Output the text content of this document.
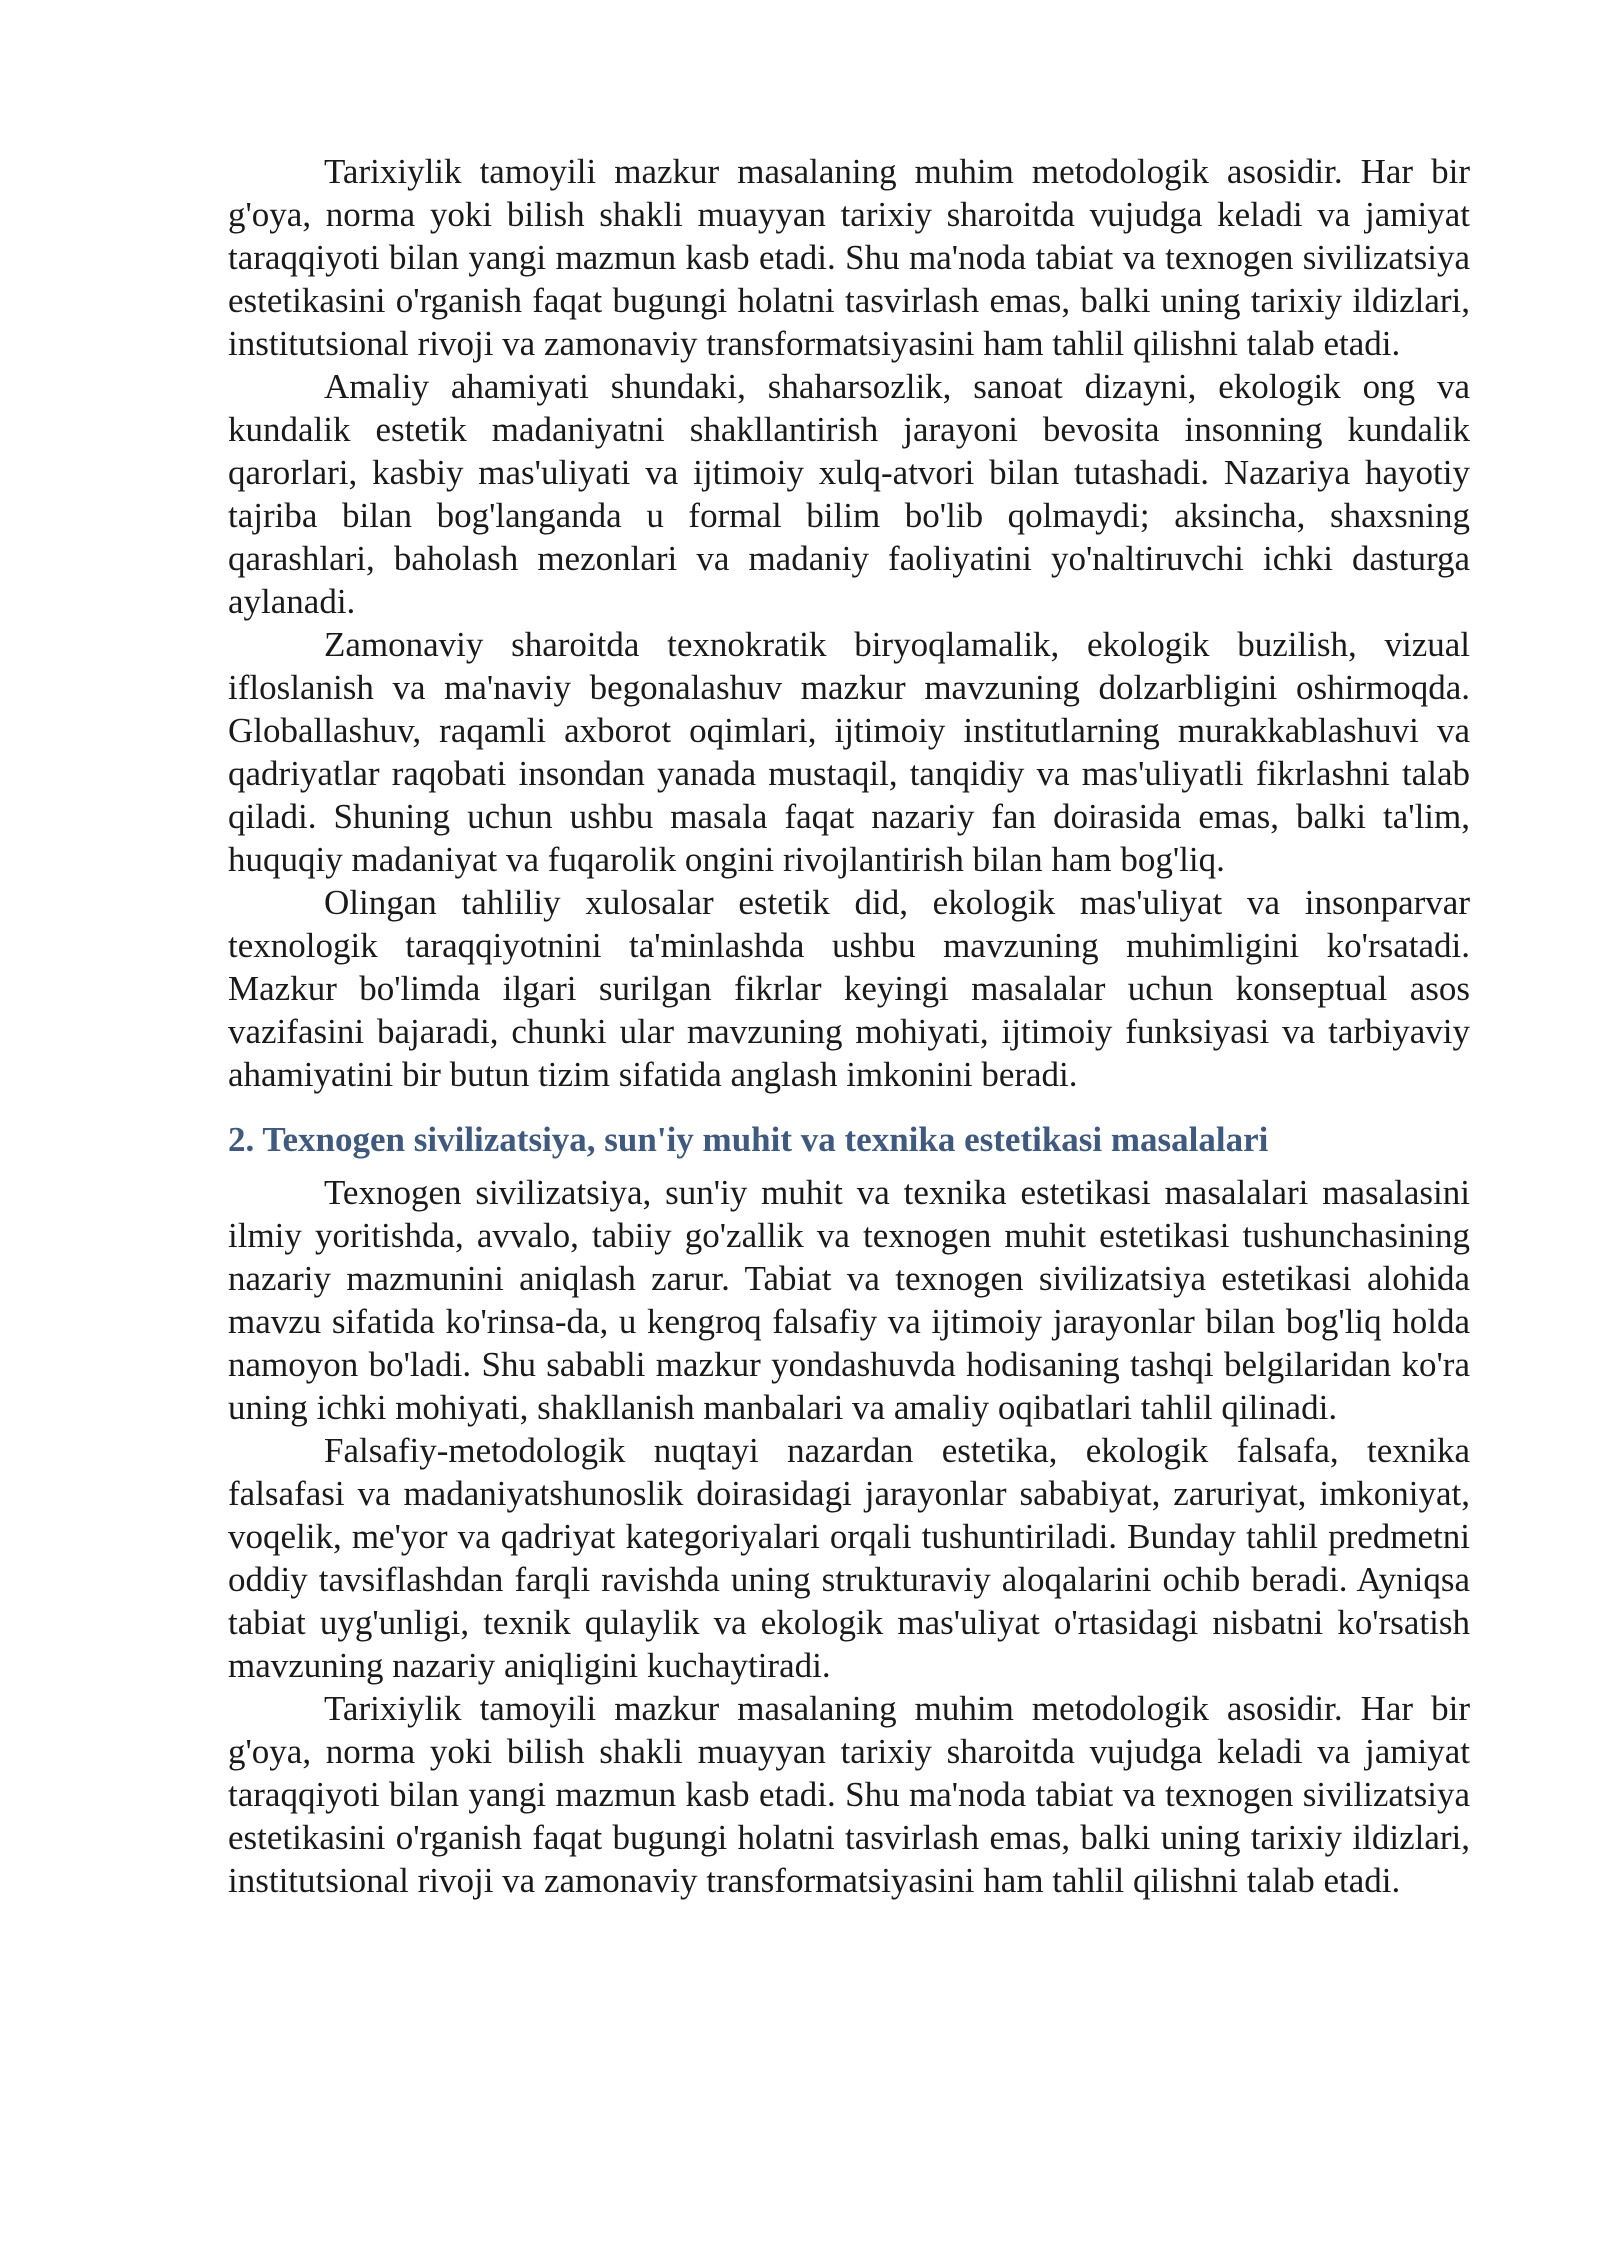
Tarixiylik tamoyili mazkur masalaning muhim metodologik asosidir. Har bir g'oya, norma yoki bilish shakli muayyan tarixiy sharoitda vujudga keladi va jamiyat taraqqiyoti bilan yangi mazmun kasb etadi. Shu ma'noda tabiat va texnogen sivilizatsiya estetikasini o'rganish faqat bugungi holatni tasvirlash emas, balki uning tarixiy ildizlari, institutsional rivoji va zamonaviy transformatsiyasini ham tahlil qilishni talab etadi.

Amaliy ahamiyati shundaki, shaharsozlik, sanoat dizayni, ekologik ong va kundalik estetik madaniyatni shakllantirish jarayoni bevosita insonning kundalik qarorlari, kasbiy mas'uliyati va ijtimoiy xulq-atvori bilan tutashadi. Nazariya hayotiy tajriba bilan bog'langanda u formal bilim bo'lib qolmaydi; aksincha, shaxsning qarashlari, baholash mezonlari va madaniy faoliyatini yo'naltiruvchi ichki dasturga aylanadi.

Zamonaviy sharoitda texnokratik biryoqlamalik, ekologik buzilish, vizual ifloslanish va ma'naviy begonalashuv mazkur mavzuning dolzarbligini oshirmoqda. Globallashuv, raqamli axborot oqimlari, ijtimoiy institutlarning murakkablashuvi va qadriyatlar raqobati insondan yanada mustaqil, tanqidiy va mas'uliyatli fikrlashni talab qiladi. Shuning uchun ushbu masala faqat nazariy fan doirasida emas, balki ta'lim, huquqiy madaniyat va fuqarolik ongini rivojlantirish bilan ham bog'liq.

Olingan tahliliy xulosalar estetik did, ekologik mas'uliyat va insonparvar texnologik taraqqiyotnini ta'minlashda ushbu mavzuning muhimligini ko'rsatadi. Mazkur bo'limda ilgari surilgan fikrlar keyingi masalalar uchun konseptual asos vazifasini bajaradi, chunki ular mavzuning mohiyati, ijtimoiy funksiyasi va tarbiyaviy ahamiyatini bir butun tizim sifatida anglash imkonini beradi.

2. Texnogen sivilizatsiya, sun'iy muhit va texnika estetikasi masalalari

Texnogen sivilizatsiya, sun'iy muhit va texnika estetikasi masalalari masalasini ilmiy yoritishda, avvalo, tabiiy go'zallik va texnogen muhit estetikasi tushunchasining nazariy mazmunini aniqlash zarur. Tabiat va texnogen sivilizatsiya estetikasi alohida mavzu sifatida ko'rinsa-da, u kengroq falsafiy va ijtimoiy jarayonlar bilan bog'liq holda namoyon bo'ladi. Shu sababli mazkur yondashuvda hodisaning tashqi belgilaridan ko'ra uning ichki mohiyati, shakllanish manbalari va amaliy oqibatlari tahlil qilinadi.

Falsafiy-metodologik nuqtayi nazardan estetika, ekologik falsafa, texnika falsafasi va madaniyatshunoslik doirasidagi jarayonlar sababiyat, zaruriyat, imkoniyat, voqelik, me'yor va qadriyat kategoriyalari orqali tushuntiriladi. Bunday tahlil predmetni oddiy tavsiflashdan farqli ravishda uning strukturaviy aloqalarini ochib beradi. Ayniqsa tabiat uyg'unligi, texnik qulaylik va ekologik mas'uliyat o'rtasidagi nisbatni ko'rsatish mavzuning nazariy aniqligini kuchaytiradi.

Tarixiylik tamoyili mazkur masalaning muhim metodologik asosidir. Har bir g'oya, norma yoki bilish shakli muayyan tarixiy sharoitda vujudga keladi va jamiyat taraqqiyoti bilan yangi mazmun kasb etadi. Shu ma'noda tabiat va texnogen sivilizatsiya estetikasini o'rganish faqat bugungi holatni tasvirlash emas, balki uning tarixiy ildizlari, institutsional rivoji va zamonaviy transformatsiyasini ham tahlil qilishni talab etadi.
